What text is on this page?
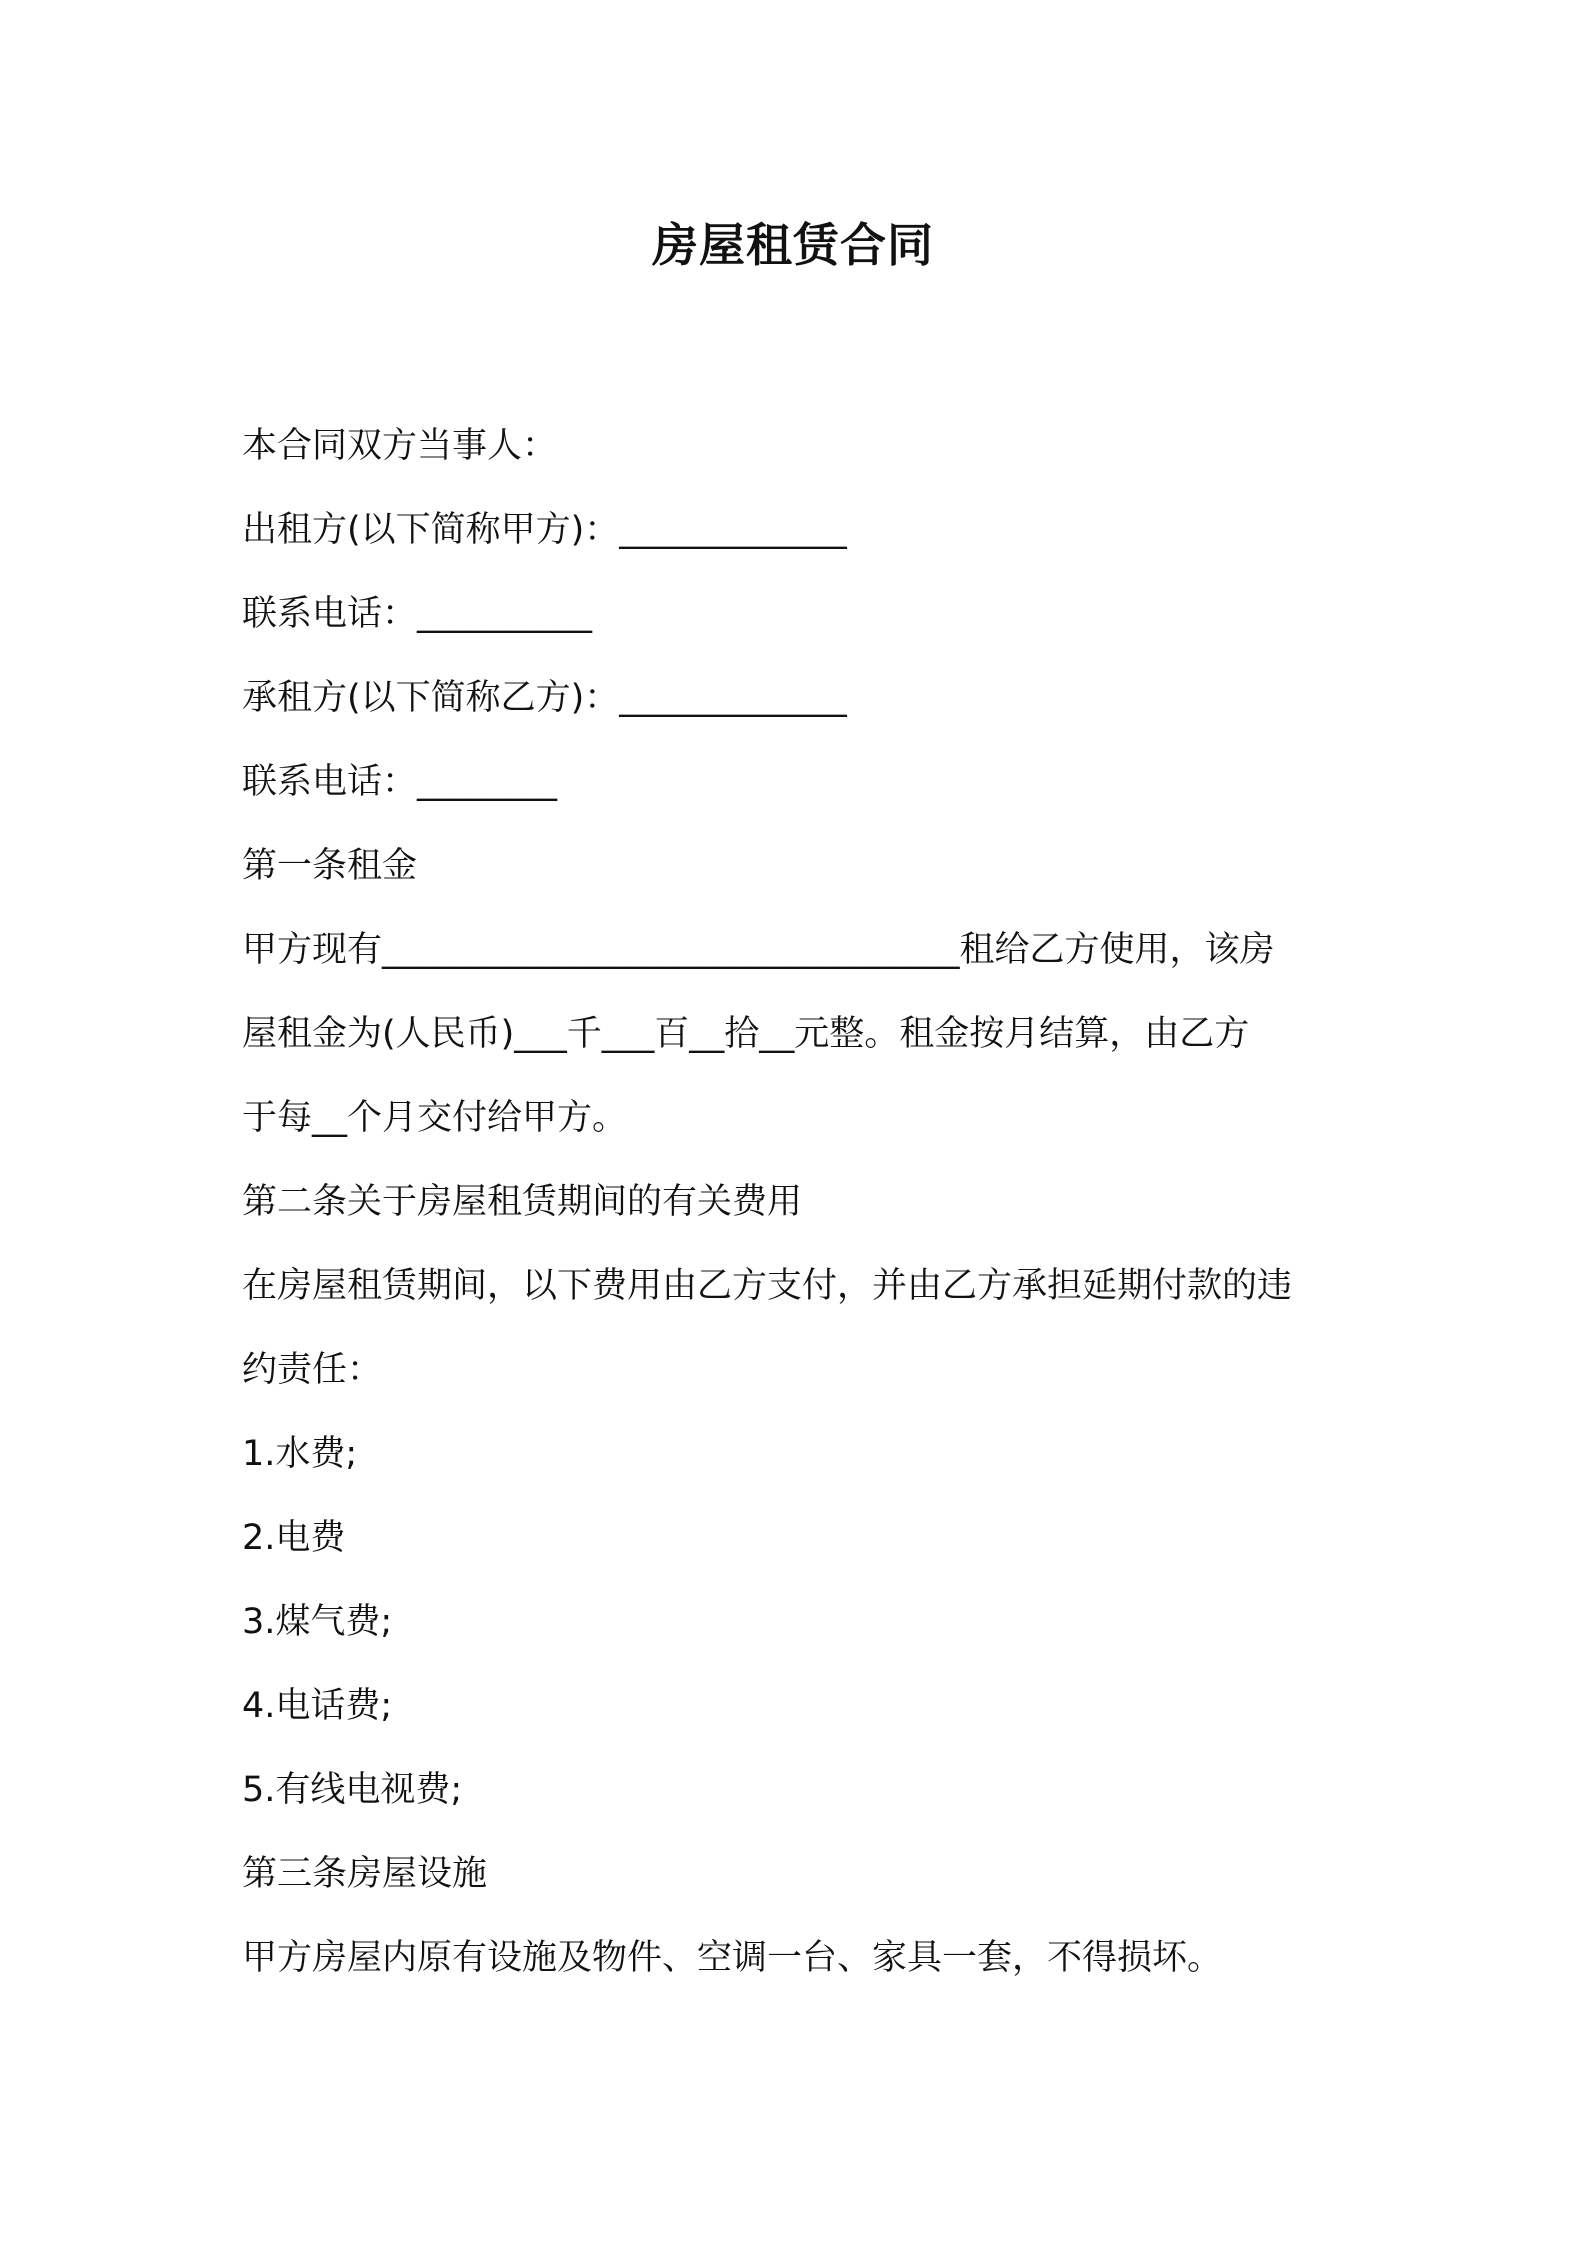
房屋租赁合同
本合同双方当事人：
出租方(以下简称甲方)：_____________
联系电话：__________
承租方(以下简称乙方)：_____________
联系电话：________
第一条租金
甲方现有_________________________________租给乙方使用，该房
屋租金为(人民币)___千___百__拾__元整。租金按月结算，由乙方
于每__个月交付给甲方。
第二条关于房屋租赁期间的有关费用
在房屋租赁期间，以下费用由乙方支付，并由乙方承担延期付款的违
约责任：
1.水费;
2.电费
3.煤气费;
4.电话费;
5.有线电视费;
第三条房屋设施
甲方房屋内原有设施及物件、空调一台、家具一套，不得损坏。
